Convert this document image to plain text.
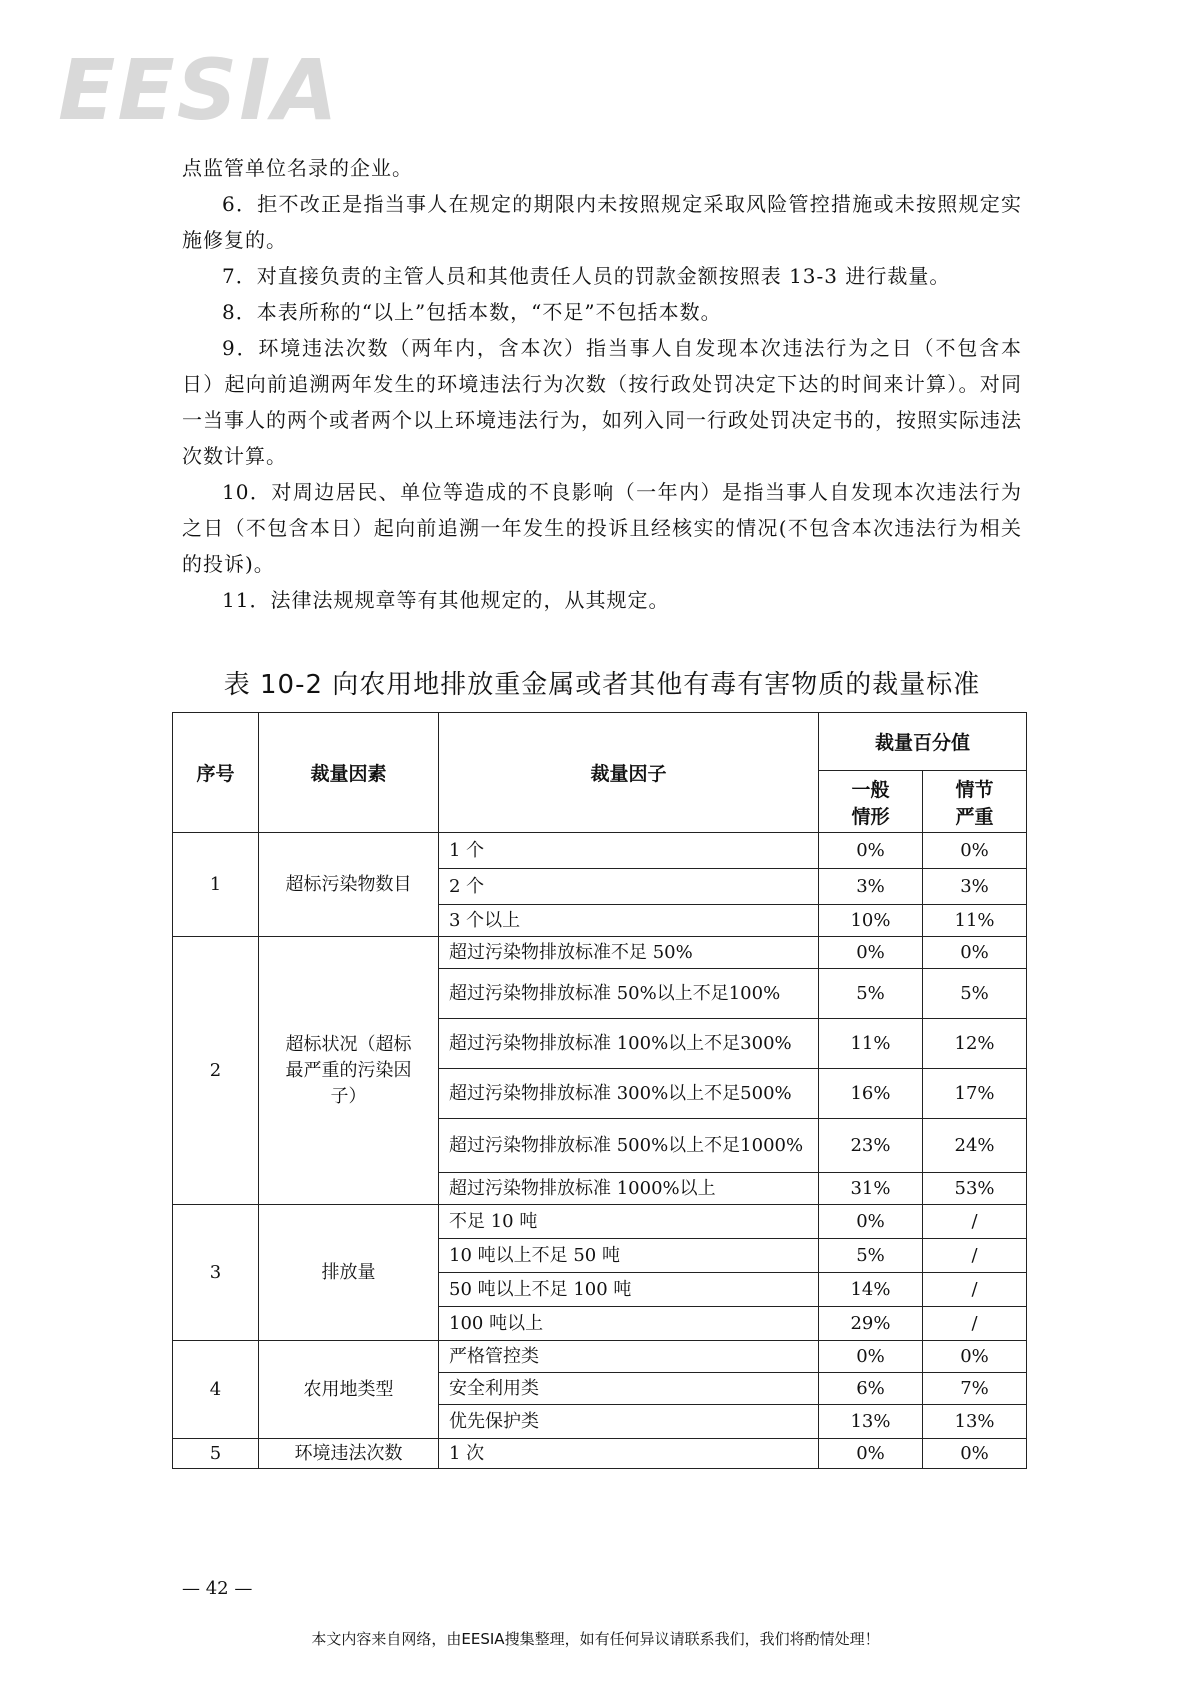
EESIA

点监管单位名录的企业。

6．拒不改正是指当事人在规定的期限内未按照规定采取风险管控措施或未按照规定实施修复的。

7．对直接负责的主管人员和其他责任人员的罚款金额按照表 13-3 进行裁量。

8．本表所称的“以上”包括本数，“不足”不包括本数。

9．环境违法次数（两年内，含本次）指当事人自发现本次违法行为之日（不包含本日）起向前追溯两年发生的环境违法行为次数（按行政处罚决定下达的时间来计算）。对同一当事人的两个或者两个以上环境违法行为，如列入同一行政处罚决定书的，按照实际违法次数计算。

10．对周边居民、单位等造成的不良影响（一年内）是指当事人自发现本次违法行为之日（不包含本日）起向前追溯一年发生的投诉且经核实的情况(不包含本次违法行为相关的投诉)。

11．法律法规规章等有其他规定的，从其规定。

表 10-2 向农用地排放重金属或者其他有毒有害物质的裁量标准
序号	裁量因素	裁量因子	裁量百分值	
			一般情形	情节严重
1	超标污染物数目	1 个	0%	0%
		2 个	3%	3%
		3 个以上	10%	11%
2	超标状况（超标最严重的污染因子）	超过污染物排放标准不足 50%	0%	0%
		超过污染物排放标准 50%以上不足100%	5%	5%
		超过污染物排放标准 100%以上不足300%	11%	12%
		超过污染物排放标准 300%以上不足500%	16%	17%
		超过污染物排放标准 500%以上不足1000%	23%	24%
		超过污染物排放标准 1000%以上	31%	53%
3	排放量	不足 10 吨	0%	/
		10 吨以上不足 50 吨	5%	/
		50 吨以上不足 100 吨	14%	/
		100 吨以上	29%	/
4	农用地类型	严格管控类	0%	0%
		安全利用类	6%	7%
		优先保护类	13%	13%
5	环境违法次数	1 次	0%	0%
— 42 —
本文内容来自网络，由EESIA搜集整理，如有任何异议请联系我们，我们将酌情处理！
